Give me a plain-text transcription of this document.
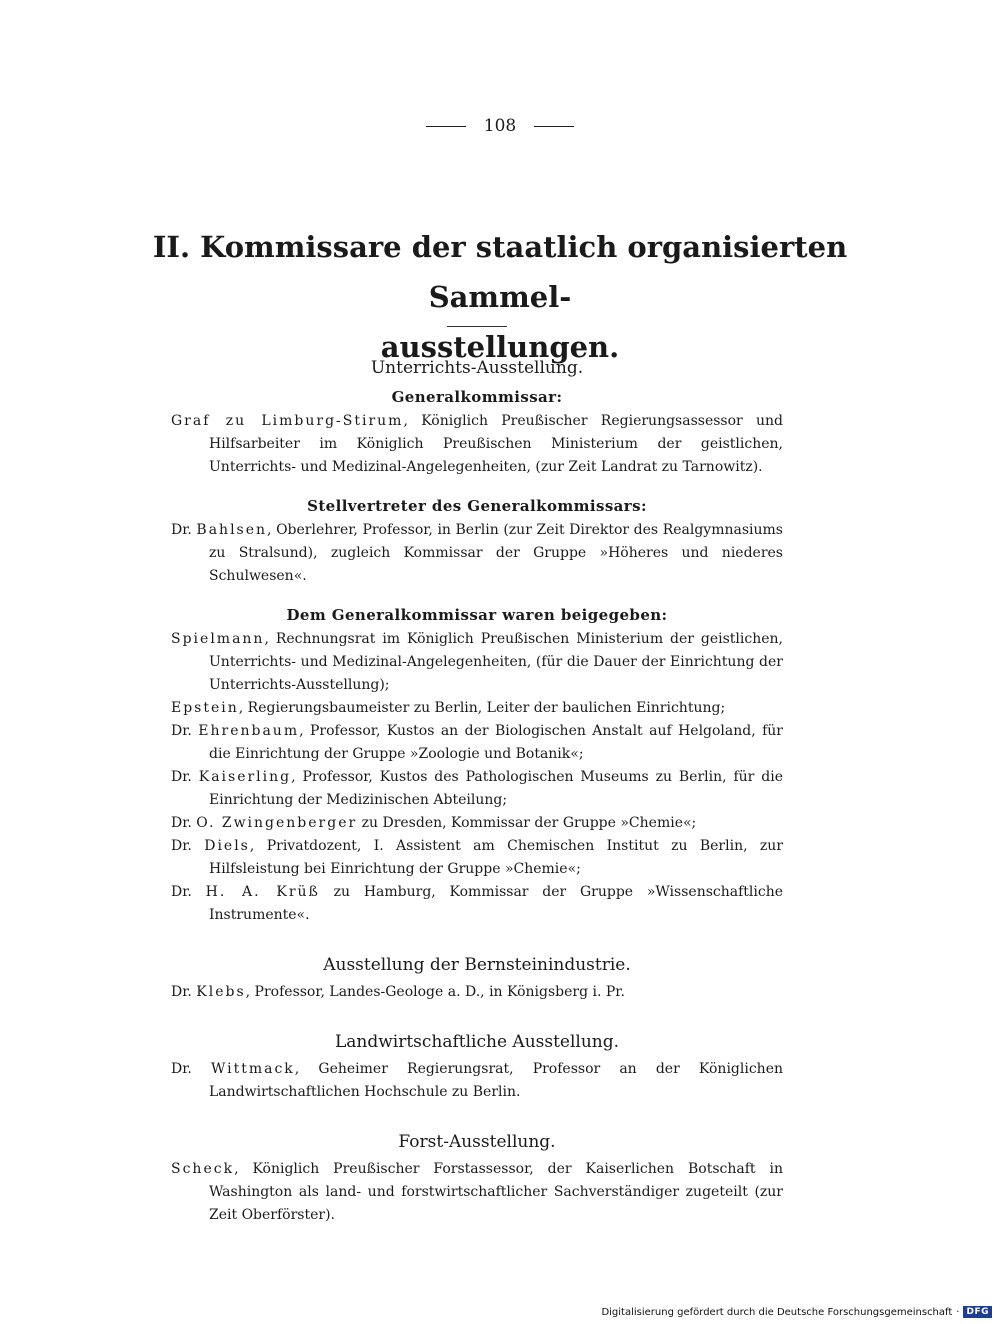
108
II. Kommissare der staatlich organisierten Sammel-
ausstellungen.

Unterrichts-Ausstellung.

Generalkommissar:

Graf zu Limburg-Stirum, Königlich Preußischer Regierungsassessor und Hilfsarbeiter im Königlich Preußischen Ministerium der geistlichen, Unterrichts- und Medizinal-Angelegenheiten, (zur Zeit Landrat zu Tarnowitz).

Stellvertreter des Generalkommissars:

Dr. Bahlsen, Oberlehrer, Professor, in Berlin (zur Zeit Direktor des Realgymnasiums zu Stralsund), zugleich Kommissar der Gruppe »Höheres und niederes Schulwesen«.

Dem Generalkommissar waren beigegeben:

Spielmann, Rechnungsrat im Königlich Preußischen Ministerium der geistlichen, Unterrichts- und Medizinal-Angelegenheiten, (für die Dauer der Einrichtung der Unterrichts-Ausstellung);

Epstein, Regierungsbaumeister zu Berlin, Leiter der baulichen Einrichtung;

Dr. Ehrenbaum, Professor, Kustos an der Biologischen Anstalt auf Helgoland, für die Einrichtung der Gruppe »Zoologie und Botanik«;

Dr. Kaiserling, Professor, Kustos des Pathologischen Museums zu Berlin, für die Einrichtung der Medizinischen Abteilung;

Dr. O. Zwingenberger zu Dresden, Kommissar der Gruppe »Chemie«;

Dr. Diels, Privatdozent, I. Assistent am Chemischen Institut zu Berlin, zur Hilfsleistung bei Einrichtung der Gruppe »Chemie«;

Dr. H. A. Krüß zu Hamburg, Kommissar der Gruppe »Wissenschaftliche Instrumente«.

Ausstellung der Bernsteinindustrie.

Dr. Klebs, Professor, Landes-Geologe a. D., in Königsberg i. Pr.

Landwirtschaftliche Ausstellung.

Dr. Wittmack, Geheimer Regierungsrat, Professor an der Königlichen Landwirtschaftlichen Hochschule zu Berlin.

Forst-Ausstellung.

Scheck, Königlich Preußischer Forstassessor, der Kaiserlichen Botschaft in Washington als land- und forstwirtschaftlicher Sachverständiger zugeteilt (zur Zeit Oberförster).

Digitalisierung gefördert durch die Deutsche Forschungsgemeinschaft · DFG
